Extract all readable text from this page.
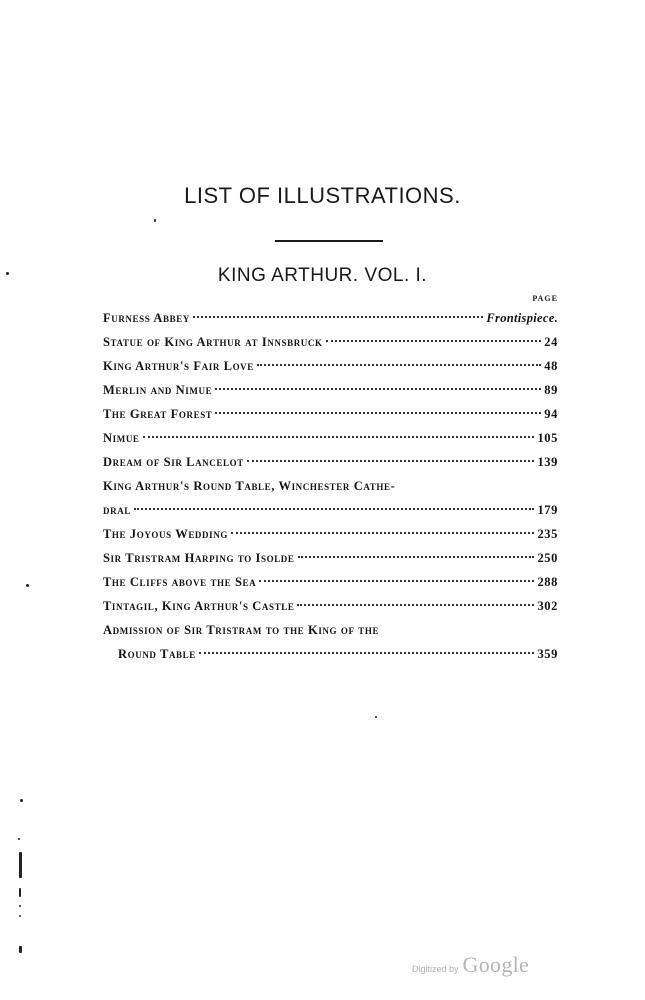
LIST OF ILLUSTRATIONS.
KING ARTHUR. VOL. I.
PAGE
Furness Abbey	Frontispiece.
Statue of King Arthur at Innsbruck	24
King Arthur's Fair Love	48
Merlin and Nimue	89
The Great Forest	94
Nimue	105
Dream of Sir Lancelot	139
King Arthur's Round Table, Winchester Cathe-
dral	179
The Joyous Wedding	235
Sir Tristram Harping to Isolde	250
The Cliffs above the Sea	288
Tintagil, King Arthur's Castle	302
Admission of Sir Tristram to the King of the
Round Table	359
Digitized by Google
